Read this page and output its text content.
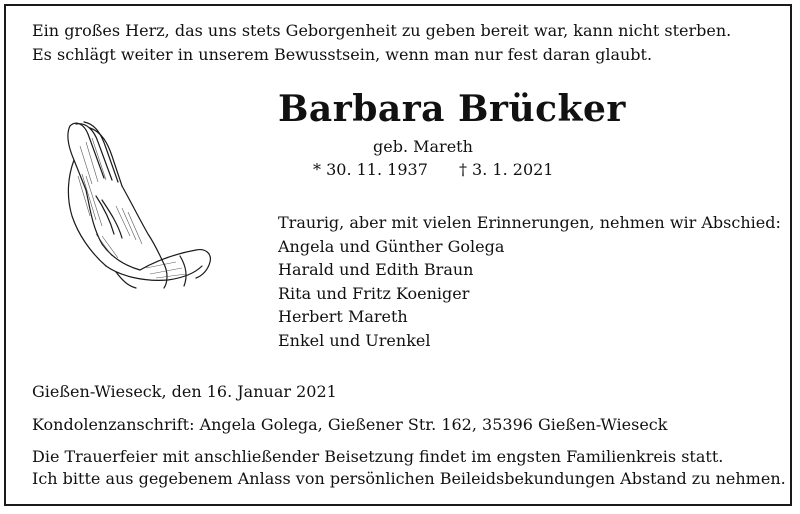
Ein großes Herz, das uns stets Geborgenheit zu geben bereit war, kann nicht sterben.
Es schlägt weiter in unserem Bewusstsein, wenn man nur fest daran glaubt.
Barbara Brücker
geb. Mareth
* 30. 11. 1937 † 3. 1. 2021
Traurig, aber mit vielen Erinnerungen, nehmen wir Abschied:
Angela und Günther Golega
Harald und Edith Braun
Rita und Fritz Koeniger
Herbert Mareth
Enkel und Urenkel
Gießen-Wieseck, den 16. Januar 2021
Kondolenzanschrift: Angela Golega, Gießener Str. 162, 35396 Gießen-Wieseck
Die Trauerfeier mit anschließender Beisetzung findet im engsten Familienkreis statt.
Ich bitte aus gegebenem Anlass von persönlichen Beileidsbekundungen Abstand zu nehmen.
